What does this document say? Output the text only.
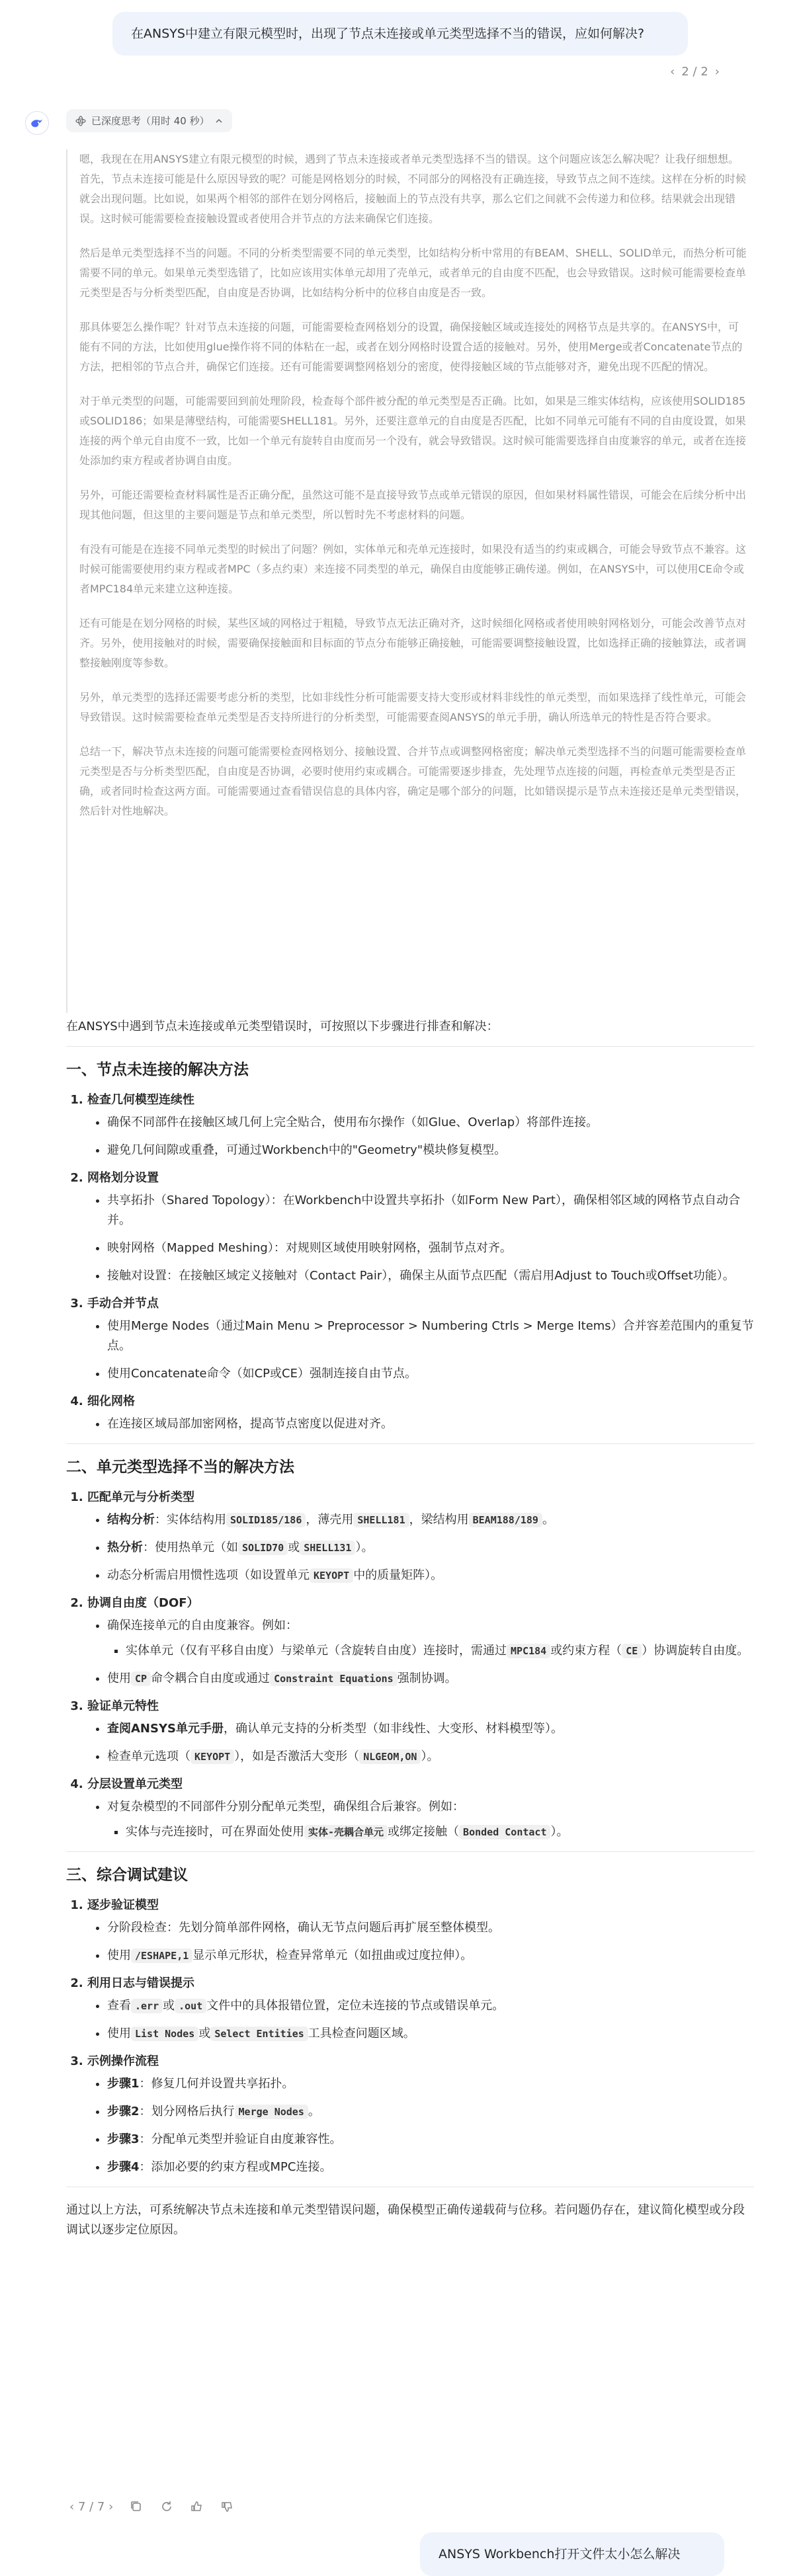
在ANSYS中建立有限元模型时，出现了节点未连接或单元类型选择不当的错误，应如何解决?
‹ 2 / 2 ›
已深度思考（用时 40 秒）

嗯，我现在在用ANSYS建立有限元模型的时候，遇到了节点未连接或者单元类型选择不当的错误。这个问题应该怎么解决呢？让我仔细想想。首先，节点未连接可能是什么原因导致的呢？可能是网格划分的时候，不同部分的网格没有正确连接，导致节点之间不连续。这样在分析的时候就会出现问题。比如说，如果两个相邻的部件在划分网格后，接触面上的节点没有共享，那么它们之间就不会传递力和位移。结果就会出现错误。这时候可能需要检查接触设置或者使用合并节点的方法来确保它们连接。

然后是单元类型选择不当的问题。不同的分析类型需要不同的单元类型，比如结构分析中常用的有BEAM、SHELL、SOLID单元，而热分析可能需要不同的单元。如果单元类型选错了，比如应该用实体单元却用了壳单元，或者单元的自由度不匹配，也会导致错误。这时候可能需要检查单元类型是否与分析类型匹配，自由度是否协调，比如结构分析中的位移自由度是否一致。

那具体要怎么操作呢？针对节点未连接的问题，可能需要检查网格划分的设置，确保接触区域或连接处的网格节点是共享的。在ANSYS中，可能有不同的方法，比如使用glue操作将不同的体粘在一起，或者在划分网格时设置合适的接触对。另外，使用Merge或者Concatenate节点的方法，把相邻的节点合并，确保它们连接。还有可能需要调整网格划分的密度，使得接触区域的节点能够对齐，避免出现不匹配的情况。

对于单元类型的问题，可能需要回到前处理阶段，检查每个部件被分配的单元类型是否正确。比如，如果是三维实体结构，应该使用SOLID185或SOLID186；如果是薄壁结构，可能需要SHELL181。另外，还要注意单元的自由度是否匹配，比如不同单元可能有不同的自由度设置，如果连接的两个单元自由度不一致，比如一个单元有旋转自由度而另一个没有，就会导致错误。这时候可能需要选择自由度兼容的单元，或者在连接处添加约束方程或者协调自由度。

另外，可能还需要检查材料属性是否正确分配，虽然这可能不是直接导致节点或单元错误的原因，但如果材料属性错误，可能会在后续分析中出现其他问题，但这里的主要问题是节点和单元类型，所以暂时先不考虑材料的问题。

有没有可能是在连接不同单元类型的时候出了问题？例如，实体单元和壳单元连接时，如果没有适当的约束或耦合，可能会导致节点不兼容。这时候可能需要使用约束方程或者MPC（多点约束）来连接不同类型的单元，确保自由度能够正确传递。例如，在ANSYS中，可以使用CE命令或者MPC184单元来建立这种连接。

还有可能是在划分网格的时候，某些区域的网格过于粗糙，导致节点无法正确对齐，这时候细化网格或者使用映射网格划分，可能会改善节点对齐。另外，使用接触对的时候，需要确保接触面和目标面的节点分布能够正确接触，可能需要调整接触设置，比如选择正确的接触算法，或者调整接触刚度等参数。

另外，单元类型的选择还需要考虑分析的类型，比如非线性分析可能需要支持大变形或材料非线性的单元类型，而如果选择了线性单元，可能会导致错误。这时候需要检查单元类型是否支持所进行的分析类型，可能需要查阅ANSYS的单元手册，确认所选单元的特性是否符合要求。

总结一下，解决节点未连接的问题可能需要检查网格划分、接触设置、合并节点或调整网格密度；解决单元类型选择不当的问题可能需要检查单元类型是否与分析类型匹配，自由度是否协调，必要时使用约束或耦合。可能需要逐步排查，先处理节点连接的问题，再检查单元类型是否正确，或者同时检查这两方面。可能需要通过查看错误信息的具体内容，确定是哪个部分的问题，比如错误提示是节点未连接还是单元类型错误，然后针对性地解决。

在ANSYS中遇到节点未连接或单元类型错误时，可按照以下步骤进行排查和解决：

一、节点未连接的解决方法
1. 检查几何模型连续性
• 确保不同部件在接触区域几何上完全贴合，使用布尔操作（如Glue、Overlap）将部件连接。
• 避免几何间隙或重叠，可通过Workbench中的"Geometry"模块修复模型。
2. 网格划分设置
• 共享拓扑（Shared Topology）：在Workbench中设置共享拓扑（如Form New Part），确保相邻区域的网格节点自动合并。
• 映射网格（Mapped Meshing）：对规则区域使用映射网格，强制节点对齐。
• 接触对设置：在接触区域定义接触对（Contact Pair），确保主从面节点匹配（需启用Adjust to Touch或Offset功能）。
3. 手动合并节点
• 使用Merge Nodes（通过Main Menu > Preprocessor > Numbering Ctrls > Merge Items）合并容差范围内的重复节点。
• 使用Concatenate命令（如CP或CE）强制连接自由节点。
4. 细化网格
• 在连接区域局部加密网格，提高节点密度以促进对齐。
二、单元类型选择不当的解决方法
1. 匹配单元与分析类型
• 结构分析：实体结构用 SOLID185/186 ，薄壳用 SHELL181 ，梁结构用 BEAM188/189 。
• 热分析：使用热单元（如 SOLID70 或 SHELL131 ）。
• 动态分析需启用惯性选项（如设置单元 KEYOPT 中的质量矩阵）。
2. 协调自由度（DOF）
• 确保连接单元的自由度兼容。例如：
▪ 实体单元（仅有平移自由度）与梁单元（含旋转自由度）连接时，需通过 MPC184 或约束方程（ CE ）协调旋转自由度。
• 使用 CP 命令耦合自由度或通过 Constraint Equations 强制协调。
3. 验证单元特性
• 查阅ANSYS单元手册，确认单元支持的分析类型（如非线性、大变形、材料模型等）。
• 检查单元选项（ KEYOPT ），如是否激活大变形（ NLGEOM,ON ）。
4. 分层设置单元类型
• 对复杂模型的不同部件分别分配单元类型，确保组合后兼容。例如：
▪ 实体与壳连接时，可在界面处使用 实体-壳耦合单元 或绑定接触（ Bonded Contact ）。
三、综合调试建议
1. 逐步验证模型
• 分阶段检查：先划分简单部件网格，确认无节点问题后再扩展至整体模型。
• 使用 /ESHAPE,1 显示单元形状，检查异常单元（如扭曲或过度拉伸）。
2. 利用日志与错误提示
• 查看 .err 或 .out 文件中的具体报错位置，定位未连接的节点或错误单元。
• 使用 List Nodes 或 Select Entities 工具检查问题区域。
3. 示例操作流程
• 步骤1：修复几何并设置共享拓扑。
• 步骤2：划分网格后执行 Merge Nodes 。
• 步骤3：分配单元类型并验证自由度兼容性。
• 步骤4：添加必要的约束方程或MPC连接。

通过以上方法，可系统解决节点未连接和单元类型错误问题，确保模型正确传递载荷与位移。若问题仍存在，建议简化模型或分段调试以逐步定位原因。

‹ 7 / 7 ›
ANSYS Workbench打开文件太小怎么解决
